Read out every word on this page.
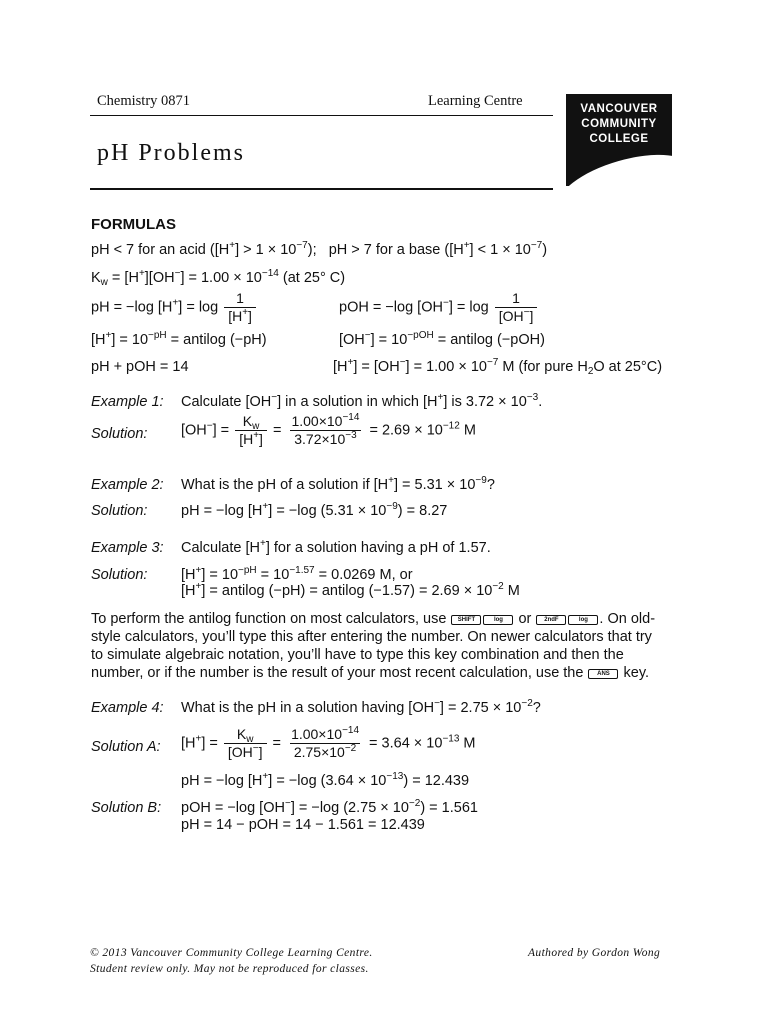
Chemistry 0871	Learning Centre
pH Problems
VANCOUVER
COMMUNITY
COLLEGE
FORMULAS
pH < 7 for an acid $([H^+] > 1 \times 10^{-7})$; pH > 7 for a base $([H^+] < 1 \times 10^{-7})$
$K_w = [H^+][OH^-] = 1.00 \times 10^{-14}$ (at 25° C)
pH = −log $[H^+] = \log \frac{1}{[H^+]}$	pOH = −log $[OH^-] = \log \frac{1}{[OH^-]}$
$[H^+] = 10^{-pH}$ = antilog (−pH)	$[OH^-] = 10^{-pOH}$ = antilog (−pOH)
pH + pOH = 14	$[H^+] = [OH^-] = 1.00 \times 10^{-7}$ M (for pure $H_2O$ at 25°C)
Example 1: Calculate [OH−] in a solution in which [H+] is $3.72 \times 10^{-3}$.
Solution: $[OH^-] = \frac{K_w}{[H^+]} = \frac{1.00\times 10^{-14}}{3.72\times 10^{-3}} = 2.69 \times 10^{-12}$ M
Example 2: What is the pH of a solution if $[H^+] = 5.31 \times 10^{-9}$?
Solution: pH = −log [H+] = −log $(5.31 \times 10^{-9}) = 8.27$
Example 3: Calculate [H+] for a solution having a pH of 1.57.
Solution: $[H^+] = 10^{-pH} = 10^{-1.57} = 0.0269$ M, or
[H+] = antilog (−pH) = antilog $(-1.57) = 2.69 \times 10^{-2}$ M
To perform the antilog function on most calculators, use SHIFT	log or 2ndF	log . On old-
style calculators, you’ll type this after entering the number. On newer calculators that try
to simulate algebraic notation, you’ll have to type this key combination and then the
number, or if the number is the result of your most recent calculation, use the ANS key.
Example 4: What is the pH in a solution having $[OH^-] = 2.75 \times 10^{-2}$?
Solution A: $[H^+] = \frac{K_w}{[OH^-]} = \frac{1.00\times 10^{-14}}{2.75\times 10^{-2}} = 3.64 \times 10^{-13}$ M
pH = −log [H+] = −log $(3.64 \times 10^{-13}) = 12.439$
Solution B: pOH = −log [OH−] = −log $(2.75 \times 10^{-2}) = 1.561$
pH = 14 − pOH = 14 − 1.561 = 12.439
© 2013 Vancouver Community College Learning Centre.
Student review only. May not be reproduced for classes.
Authored by Gordon Wong
